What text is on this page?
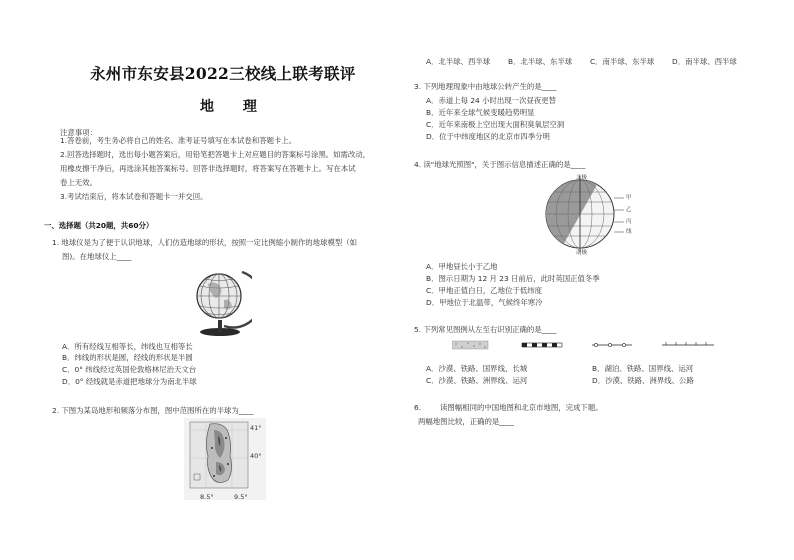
永州市东安县2022三校线上联考联评
地 理
注意事项：
1.答卷前，考生务必将自己的姓名、准考证号填写在本试卷和答题卡上。
2.回答选择题时，选出每小题答案后，用铅笔把答题卡上对应题目的答案标号涂黑。如需改动，
用橡皮擦干净后，再选涂其他答案标号。回答非选择题时，将答案写在答题卡上。写在本试
卷上无效。
3.考试结束后，将本试卷和答题卡一并交回。
一、选择题（共20题，共60分）
1. 地球仪是为了便于认识地球，人们仿造地球的形状，按照一定比例缩小制作的地球模型（如
图)。在地球仪上____
A．所有经线互相等长，纬线也互相等长
B．纬线的形状是圆，经线的形状是半圆
C．0° 纬线经过英国伦敦格林尼治天文台
D．0° 经线就是赤道把地球分为南北半球
2. 下图为某岛地形和频落分布图，图中范围所在的半球为____
41°
40°
8.5°	9.5°
A．北半球、西半球 B．北半球、东半球 C．南半球、东半球 D．南半球、西半球
3. 下列地理现象中由地球公转产生的是____
A．赤道上每 24 小时出现一次昼夜更替
B．近年来全球气候变暖趋势明显
C．近年来南极上空出现大面积臭氧层空洞
D．位于中纬度地区的北京市四季分明
4. 读"地球光照图"，关于图示信息描述正确的是____
北极
南极
甲
乙
丙
线
A．甲地昼长小于乙地
B．图示日期为 12 月 23 日前后，此时英国正值冬季
C．甲地正值白日，乙地位于低纬度
D．甲地位于北温带，气候终年寒冷
5. 下列常见图例从左至右识别正确的是____
A．沙漠、铁路、国界线、长城	B．湖泊、铁路、国界线、运河
C．沙漠、铁路、洲界线、运河	D．沙漠、铁路、洲界线、公路
6.	读图幅相同的中国地图和北京市地图，完成下题。
两幅地图比较，正确的是____
